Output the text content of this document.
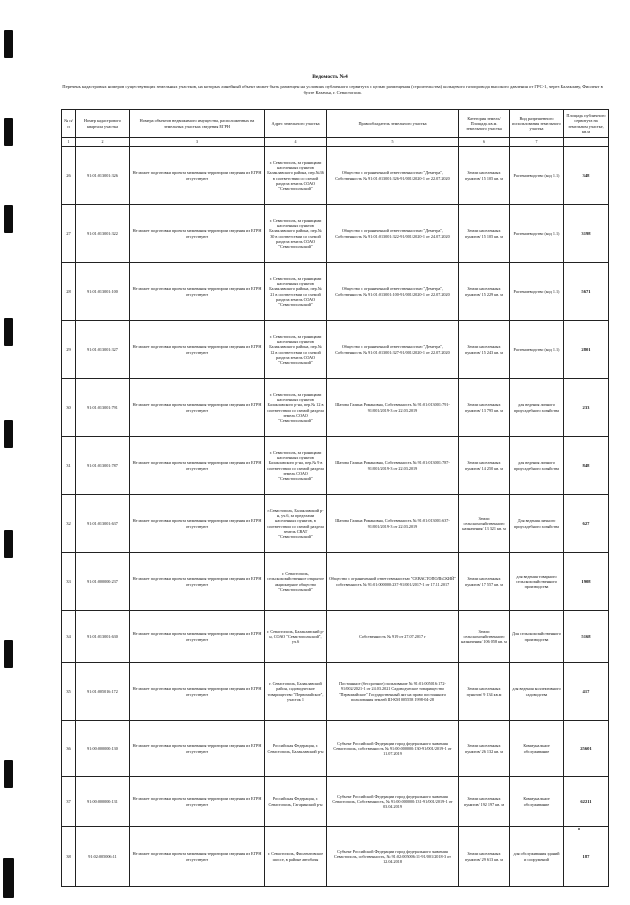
Ведомость №4

Перечень кадастровых номеров существующих земельных участков, на которых линейный объект может быть размещен на условиях публичного сервитута с целью размещения (строительства) кольцевого газопровода высокого давления от ГРС-1, через Балаклаву, Фиолент в бухте Казачья, г. Севастополь

№ п/п	Номер кадастрового квартала участка	Номера объектов недвижимого имущества, расположенных на земельных участках сведения ЕГРН	Адрес земельного участка	Правообладатель земельного участка	Категория земель/Площадь кв.м. земельного участка	Вид разрешенного использования земельного участка	Площадь публичного сервитута на земельном участке, кв.м
1	2	3	4	5	6	7	
26	91:01:013001:326	Не может подготовки проекта межевания территории сведения из ЕГРН отсутствуют	г. Севастополь, за границами населенных пунктов Балаклавского района, пер.№36 в соответствии со схемой раздела земель СОАО "Севастопольский"	Общество с ограниченной ответственностью "Деметра", Собственность № 91:01:013001:326-91/001/2020-1 от 22.07.2020	Земли населенных пунктов/ 15 105 кв. м	Растениеводство (код 1.1)	348
27	91:01:013001:322	Не может подготовки проекта межевания территории сведения из ЕГРН отсутствуют	г. Севастополь, за границами населенных пунктов Балаклавского района, пер.№ 30 в соответствии со схемой раздела земель СОАО "Севастопольский"	Общество с ограниченной ответственностью "Деметра", Собственность № 91:01:013001:322-91/001/2020-1 от 24.07.2020	Земли населенных пунктов/ 15 105 кв. м	Растениеводство (код 1.1)	3198
28	91:01:013001:100	Не может подготовки проекта межевания территории сведения из ЕГРН отсутствуют	г. Севастополь, за границами населенных пунктов Балаклавского района, пер.№ 21 в соответствии со схемой раздела земель СОАО "Севастопольский"	Общество с ограниченной ответственностью "Деметра", Собственность № 91:01:013001:100-91/001/2020-1 от 22.07.2020	Земли населенных пунктов/ 15 229 кв. м	Растениеводство (код 1.1)	5671
29	91:01:013001:327	Не может подготовки проекта межевания территории сведения из ЕГРН отсутствуют	г. Севастополь, за границами населенных пунктов Балаклавского района, пер.№ 12 в соответствии со схемой раздела земель СОАО "Севастопольский"	Общество с ограниченной ответственностью "Деметра", Собственность № 91:01:013001:327-91/001/2020-1 от 22.07.2020	Земли населенных пунктов/ 15 243 кв. м	Растениеводство (код 1.1)	2801
30	91:01:013001:791	Не может подготовки проекта межевания территории сведения из ЕГРН отсутствуют	г. Севастополь, за границами населенных пунктов Балаклавского р-на, пер.№ 12 в соответствии со схемой раздела земель СОАО "Севастопольский"	Шатова Галина Романовна, Собственность № 91:01:013001:791-91/001/2019-3 от 22.03.2019	Земли населенных пунктов/ 13 795 кв. м	для ведения личного приусадебного хозяйства	233
31	91:01:013001:787	Не может подготовки проекта межевания территории сведения из ЕГРН отсутствуют	г. Севастополь, за границами населенных пунктов Балаклавского р-на, пер.№ 9 в соответствии со схемой раздела земель СОАО "Севастопольский"	Шатова Галина Романовна, Собственность № 91:01:013001:787-91/001/2019-3 от 22.03.2019	Земли населенных пунктов/ 14 250 кв. м	для ведения личного приусадебного хозяйства	848
32	91:01:013001:637	Не может подготовки проекта межевания территории сведения из ЕГРН отсутствуют	г.Севастополь, Балаклавский р-н, уч.6, за пределами населенных пунктов, в соответствии со схемой раздела земель СВАТ "Севастопольский"	Шатова Галина Романовна, Собственность № 91:01:013001:637-91/001/2019-3 от 22.03.2019	Земли сельскохозяйственного назначения/ 13 321 кв. м	Для ведения личного приусадебного хозяйства	627
33	91:01:000000:237	Не может подготовки проекта межевания территории сведения из ЕГРН отсутствуют	г. Севастополь, сельскохозяйственное открытое акционерное общество "Севастопольский"	Общество с ограниченной ответственностью "СЕВАСТОПОЛЬСКИЙ" собственность № 91:01:000000:237-91/001/2017-1 от 17.11.2017	Земли населенных пунктов/ 17 557 кв. м	для ведения товарного сельскохозяйственного производства	1908
34	91:01:013001:630	Не может подготовки проекта межевания территории сведения из ЕГРН отсутствуют	г. Севастополь, Балаклавский р-н, СОАО "Севастопольский", уч.6	Собственность № 919 от 27.07.2017 г	Земли сельскохозяйственного назначения/ 106 058 кв. м	Для сельскохозяйственного производства	5168
35	91:01:005016:172	Не может подготовки проекта межевания территории сведения из ЕГРН отсутствуют	г. Севастополь, Балаклавский район, садоводческое товарищество "Первомайское", участок 1	Постоянное (бессрочное) пользование № 91:01:005016:172-91/002/2021-1 от 24.03.2021 Садоводческое товарищество "Первомайское" Государственный акт на право постоянного пользования землей Ш-КМ 005558 1998-04-28	Земли населенных пунктов/ 9 134 кв.м	для ведения коллективного садоводства	417
36	91:00:000000:130	Не может подготовки проекта межевания территории сведения из ЕГРН отсутствуют	Российская Федерация, г. Севастополь, Балаклавский р-н	Субъект Российской Федерации город федерального значения Севастополь, собственность № 91:00:000000:130-91/001/2019-1 от 11.07.2019	Земли населенных пунктов/ 26 132 кв. м	Коммунальное обслуживание	25601
37	91:00:000000:131	Не может подготовки проекта межевания территории сведения из ЕГРН отсутствуют	Российская Федерация, г. Севастополь, Гагаринский р-н	Субъект Российской Федерации город федерального значения Севастополь, Собственность, № 91:00:000000:131-91/001/2019-1 от 03.04.2019	Земли населенных пунктов/ 192 197 кв. м	Коммунальное обслуживание	62211
38	91:02:005006:11	Не может подготовки проекта межевания территории сведения из ЕГРН отсутствуют	г. Севастополь, Фиолентовское шоссе, в районе автобазы	Субъект Российской Федерации город федерального значения Севастополь, собственность, № 91:02:005006:11-91/001/2018-3 от 12.04.2018	Земли населенных пунктов/ 29 613 кв. м	для обслуживания зданий и сооружений	187
